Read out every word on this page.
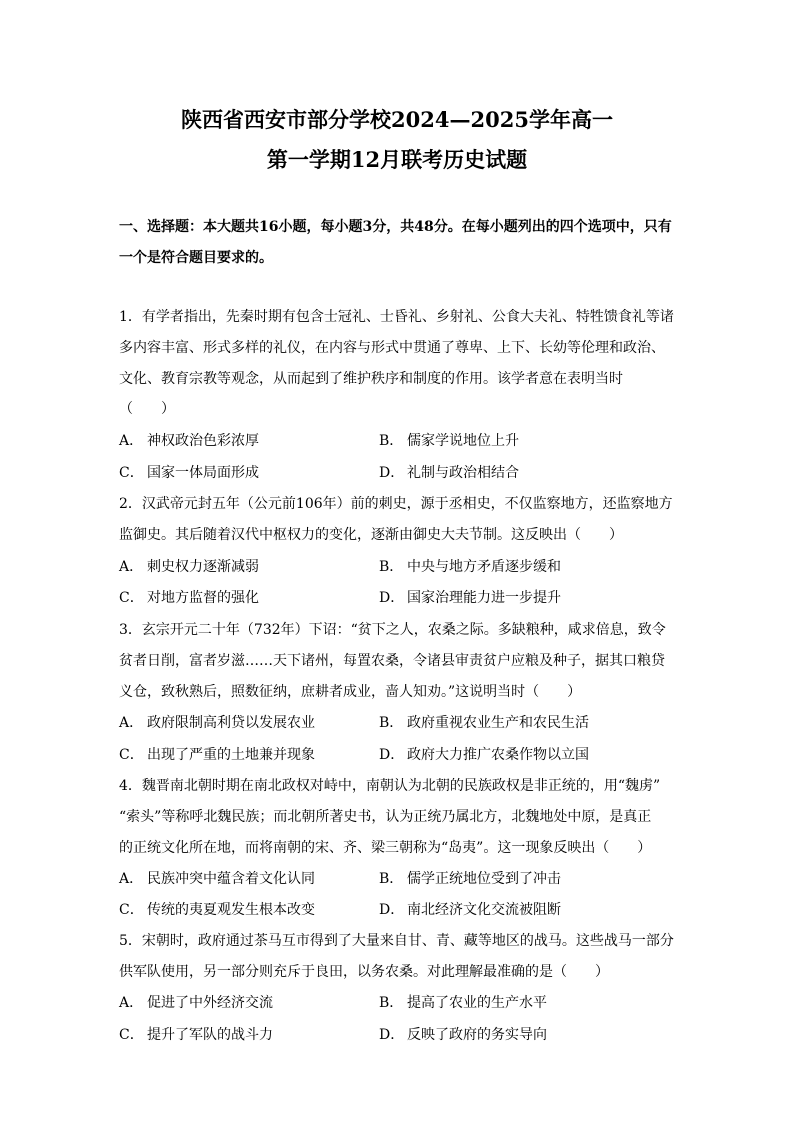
陕西省西安市部分学校2024—2025学年高一
第一学期12月联考历史试题

一、选择题：本大题共16小题，每小题3分，共48分。在每小题列出的四个选项中，只有一个是符合题目要求的。

1．有学者指出，先秦时期有包含士冠礼、士昏礼、乡射礼、公食大夫礼、特牲馈食礼等诸

多内容丰富、形式多样的礼仪，在内容与形式中贯通了尊卑、上下、长幼等伦理和政治、

文化、教育宗教等观念，从而起到了维护秩序和制度的作用。该学者意在表明当时

（　　）

A． 神权政治色彩浓厚	B． 儒家学说地位上升
C． 国家一体局面形成	D． 礼制与政治相结合

2．汉武帝元封五年（公元前106年）前的刺史，源于丞相史，不仅监察地方，还监察地方

监御史。其后随着汉代中枢权力的变化，逐渐由御史大夫节制。这反映出（　　）

A． 刺史权力逐渐减弱	B． 中央与地方矛盾逐步缓和
C． 对地方监督的强化	D． 国家治理能力进一步提升

3．玄宗开元二十年（732年）下诏：“贫下之人，农桑之际。多缺粮种，咸求倍息，致令

贫者日削，富者岁滋……天下诸州，每置农桑，令诸县审责贫户应粮及种子，据其口粮贷

义仓，致秋熟后，照数征纳，庶耕者成业，啬人知劝。”这说明当时（　　）

A． 政府限制高利贷以发展农业	B． 政府重视农业生产和农民生活
C． 出现了严重的土地兼并现象	D． 政府大力推广农桑作物以立国

4．魏晋南北朝时期在南北政权对峙中，南朝认为北朝的民族政权是非正统的，用“魏虏”

“索头”等称呼北魏民族；而北朝所著史书，认为正统乃属北方，北魏地处中原，是真正

的正统文化所在地，而将南朝的宋、齐、梁三朝称为“岛夷”。这一现象反映出（　　）

A． 民族冲突中蕴含着文化认同	B． 儒学正统地位受到了冲击
C． 传统的夷夏观发生根本改变	D． 南北经济文化交流被阻断

5．宋朝时，政府通过茶马互市得到了大量来自甘、青、藏等地区的战马。这些战马一部分

供军队使用，另一部分则充斥于良田，以务农桑。对此理解最准确的是（　　）

A． 促进了中外经济交流	B． 提高了农业的生产水平
C． 提升了军队的战斗力	D． 反映了政府的务实导向
